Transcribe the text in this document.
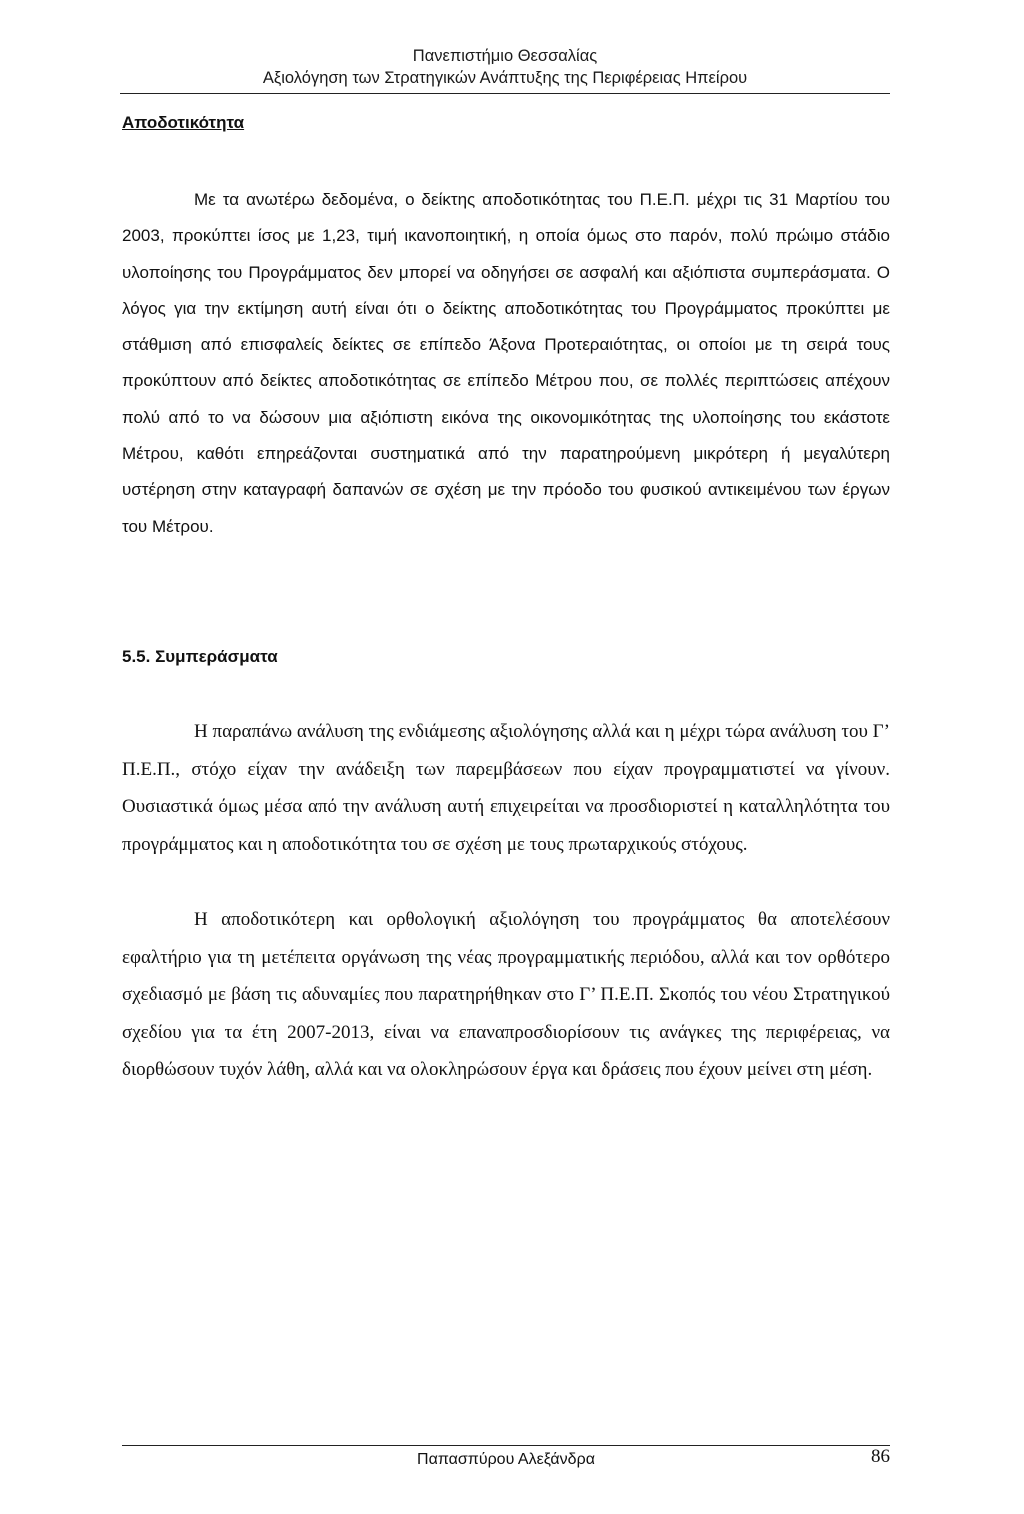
Πανεπιστήμιο Θεσσαλίας
Αξιολόγηση των Στρατηγικών Ανάπτυξης της Περιφέρειας Ηπείρου
Αποδοτικότητα

Με τα ανωτέρω δεδομένα, ο δείκτης αποδοτικότητας του Π.Ε.Π. μέχρι τις 31 Μαρτίου του 2003, προκύπτει ίσος με 1,23, τιμή ικανοποιητική, η οποία όμως στο παρόν, πολύ πρώιμο στάδιο υλοποίησης του Προγράμματος δεν μπορεί να οδηγήσει σε ασφαλή και αξιόπιστα συμπεράσματα. Ο λόγος για την εκτίμηση αυτή είναι ότι ο δείκτης αποδοτικότητας του Προγράμματος προκύπτει με στάθμιση από επισφαλείς δείκτες σε επίπεδο Άξονα Προτεραιότητας, οι οποίοι με τη σειρά τους προκύπτουν από δείκτες αποδοτικότητας σε επίπεδο Μέτρου που, σε πολλές περιπτώσεις απέχουν πολύ από το να δώσουν μια αξιόπιστη εικόνα της οικονομικότητας της υλοποίησης του εκάστοτε Μέτρου, καθότι επηρεάζονται συστηματικά από την παρατηρούμενη μικρότερη ή μεγαλύτερη υστέρηση στην καταγραφή δαπανών σε σχέση με την πρόοδο του φυσικού αντικειμένου των έργων του Μέτρου.

5.5. Συμπεράσματα

Η παραπάνω ανάλυση της ενδιάμεσης αξιολόγησης αλλά και η μέχρι τώρα ανάλυση του Γ’ Π.Ε.Π., στόχο είχαν την ανάδειξη των παρεμβάσεων που είχαν προγραμματιστεί να γίνουν. Ουσιαστικά όμως μέσα από την ανάλυση αυτή επιχειρείται να προσδιοριστεί η καταλληλότητα του προγράμματος και η αποδοτικότητα του σε σχέση με τους πρωταρχικούς στόχους.

Η αποδοτικότερη και ορθολογική αξιολόγηση του προγράμματος θα αποτελέσουν εφαλτήριο για τη μετέπειτα οργάνωση της νέας προγραμματικής περιόδου, αλλά και τον ορθότερο σχεδιασμό με βάση τις αδυναμίες που παρατηρήθηκαν στο Γ’ Π.Ε.Π. Σκοπός του νέου Στρατηγικού σχεδίου για τα έτη 2007-2013, είναι να επαναπροσδιορίσουν τις ανάγκες της περιφέρειας, να διορθώσουν τυχόν λάθη, αλλά και να ολοκληρώσουν έργα και δράσεις που έχουν μείνει στη μέση.

Παπασπύρου Αλεξάνδρα	86
